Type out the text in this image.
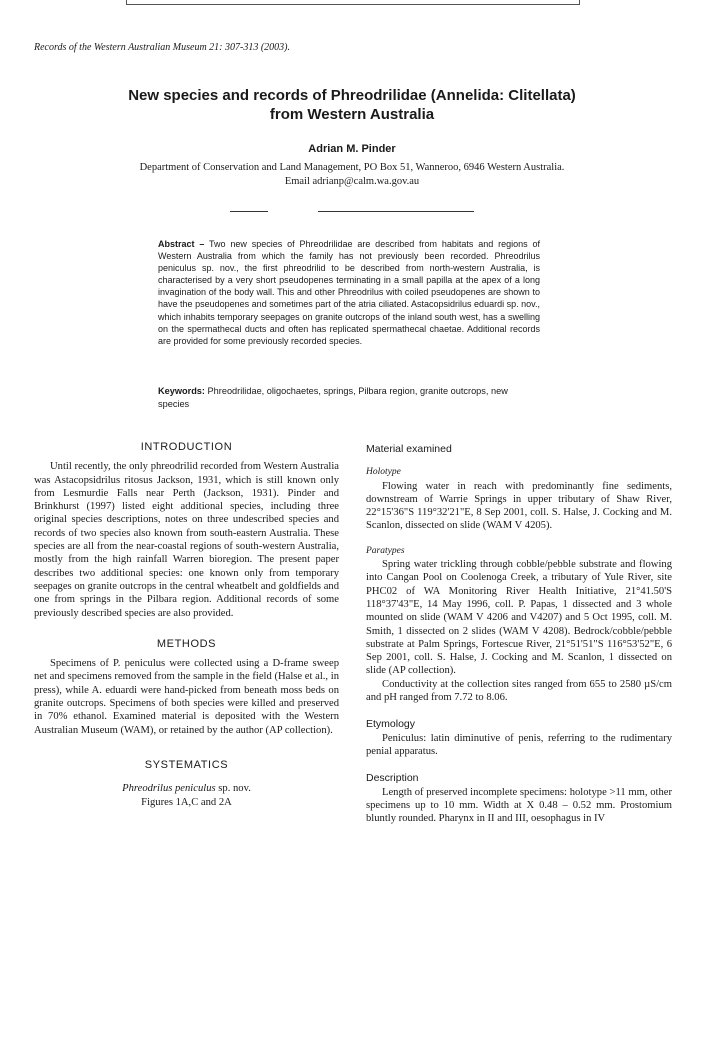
Records of the Western Australian Museum 21: 307-313 (2003).
New species and records of Phreodrilidae (Annelida: Clitellata)
from Western Australia
Adrian M. Pinder
Department of Conservation and Land Management, PO Box 51, Wanneroo, 6946 Western Australia.
Email adrianp@calm.wa.gov.au
Abstract – Two new species of Phreodrilidae are described from habitats and regions of Western Australia from which the family has not previously been recorded. Phreodrilus peniculus sp. nov., the first phreodrilid to be described from north-western Australia, is characterised by a very short pseudopenes terminating in a small papilla at the apex of a long invagination of the body wall. This and other Phreodrilus with coiled pseudopenes are shown to have the pseudopenes and sometimes part of the atria ciliated. Astacopsidrilus eduardi sp. nov., which inhabits temporary seepages on granite outcrops of the inland south west, has a swelling on the spermathecal ducts and often has replicated spermathecal chaetae. Additional records are provided for some previously recorded species.
Keywords: Phreodrilidae, oligochaetes, springs, Pilbara region, granite outcrops, new species
INTRODUCTION

Until recently, the only phreodrilid recorded from Western Australia was Astacopsidrilus ritosus Jackson, 1931, which is still known only from Lesmurdie Falls near Perth (Jackson, 1931). Pinder and Brinkhurst (1997) listed eight additional species, including three original species descriptions, notes on three undescribed species and records of two species also known from south-eastern Australia. These species are all from the near-coastal regions of south-western Australia, mostly from the high rainfall Warren bioregion. The present paper describes two additional species: one known only from temporary seepages on granite outcrops in the central wheatbelt and goldfields and one from springs in the Pilbara region. Additional records of some previously described species are also provided.

METHODS

Specimens of P. peniculus were collected using a D-frame sweep net and specimens removed from the sample in the field (Halse et al., in press), while A. eduardi were hand-picked from beneath moss beds on granite outcrops. Specimens of both species were killed and preserved in 70% ethanol. Examined material is deposited with the Western Australian Museum (WAM), or retained by the author (AP collection).

SYSTEMATICS
Phreodrilus peniculus sp. nov.
Figures 1A,C and 2A
Material examined
Holotype

Flowing water in reach with predominantly fine sediments, downstream of Warrie Springs in upper tributary of Shaw River, 22°15'36"S 119°32'21"E, 8 Sep 2001, coll. S. Halse, J. Cocking and M. Scanlon, dissected on slide (WAM V 4205).

Paratypes

Spring water trickling through cobble/pebble substrate and flowing into Cangan Pool on Coolenoga Creek, a tributary of Yule River, site PHC02 of WA Monitoring River Health Initiative, 21°41.50'S 118°37'43"E, 14 May 1996, coll. P. Papas, 1 dissected and 3 whole mounted on slide (WAM V 4206 and V4207) and 5 Oct 1995, coll. M. Smith, 1 dissected on 2 slides (WAM V 4208). Bedrock/cobble/pebble substrate at Palm Springs, Fortescue River, 21°51'51"S 116°53'52"E, 6 Sep 2001, coll. S. Halse, J. Cocking and M. Scanlon, 1 dissected on slide (AP collection).

Conductivity at the collection sites ranged from 655 to 2580 µS/cm and pH ranged from 7.72 to 8.06.

Etymology

Peniculus: latin diminutive of penis, referring to the rudimentary penial apparatus.

Description

Length of preserved incomplete specimens: holotype >11 mm, other specimens up to 10 mm. Width at X 0.48 – 0.52 mm. Prostomium bluntly rounded. Pharynx in II and III, oesophagus in IV
